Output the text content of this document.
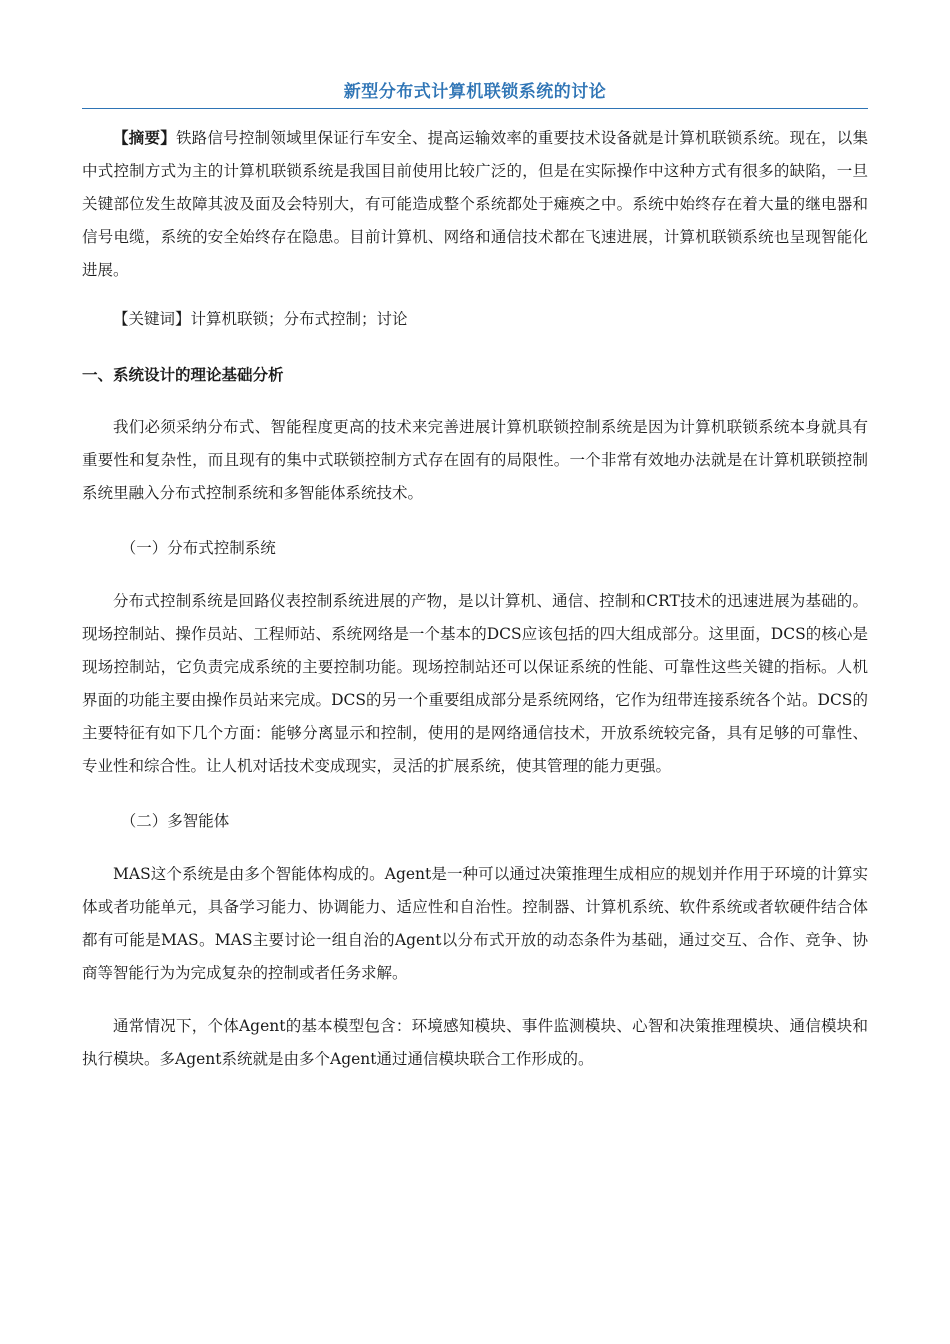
新型分布式计算机联锁系统的讨论

【摘要】铁路信号控制领域里保证行车安全、提高运输效率的重要技术设备就是计算机联锁系统。现在，以集中式控制方式为主的计算机联锁系统是我国目前使用比较广泛的，但是在实际操作中这种方式有很多的缺陷，一旦关键部位发生故障其波及面及会特别大，有可能造成整个系统都处于瘫痪之中。系统中始终存在着大量的继电器和信号电缆，系统的安全始终存在隐患。目前计算机、网络和通信技术都在飞速进展，计算机联锁系统也呈现智能化进展。

【关键词】计算机联锁；分布式控制；讨论

一、系统设计的理论基础分析

我们必须采纳分布式、智能程度更高的技术来完善进展计算机联锁控制系统是因为计算机联锁系统本身就具有重要性和复杂性，而且现有的集中式联锁控制方式存在固有的局限性。一个非常有效地办法就是在计算机联锁控制系统里融入分布式控制系统和多智能体系统技术。

（一）分布式控制系统

分布式控制系统是回路仪表控制系统进展的产物，是以计算机、通信、控制和CRT技术的迅速进展为基础的。现场控制站、操作员站、工程师站、系统网络是一个基本的DCS应该包括的四大组成部分。这里面，DCS的核心是现场控制站，它负责完成系统的主要控制功能。现场控制站还可以保证系统的性能、可靠性这些关键的指标。人机界面的功能主要由操作员站来完成。DCS的另一个重要组成部分是系统网络，它作为纽带连接系统各个站。DCS的主要特征有如下几个方面：能够分离显示和控制，使用的是网络通信技术，开放系统较完备，具有足够的可靠性、专业性和综合性。让人机对话技术变成现实，灵活的扩展系统，使其管理的能力更强。

（二）多智能体

MAS这个系统是由多个智能体构成的。Agent是一种可以通过决策推理生成相应的规划并作用于环境的计算实体或者功能单元，具备学习能力、协调能力、适应性和自治性。控制器、计算机系统、软件系统或者软硬件结合体都有可能是MAS。MAS主要讨论一组自治的Agent以分布式开放的动态条件为基础，通过交互、合作、竞争、协商等智能行为为完成复杂的控制或者任务求解。

通常情况下，个体Agent的基本模型包含：环境感知模块、事件监测模块、心智和决策推理模块、通信模块和执行模块。多Agent系统就是由多个Agent通过通信模块联合工作形成的。
